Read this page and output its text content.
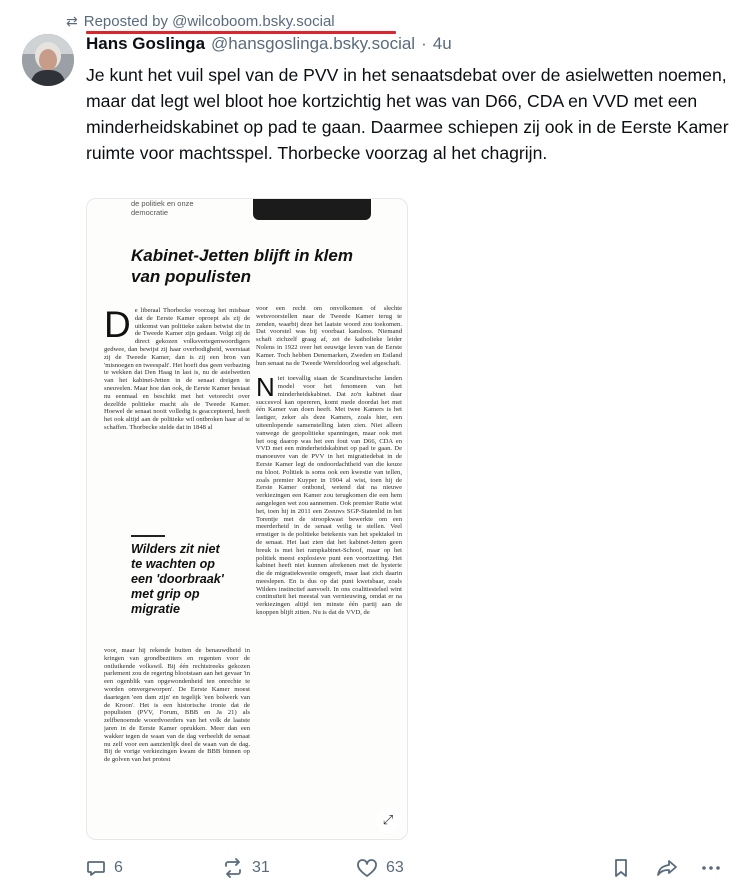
⇄ Reposted by @wilcoboom.bsky.social
Hans Goslinga @hansgoslinga.bsky.social · 4u
Je kunt het vuil spel van de PVV in het senaatsdebat over de asielwetten noemen, maar dat legt wel bloot hoe kortzichtig het was van D66, CDA en VVD met een minderheidskabinet op pad te gaan. Daarmee schiepen zij ook in de Eerste Kamer ruimte voor machtsspel. Thorbecke voorzag al het chagrijn.
de politiek en onze democratie
Kabinet-Jetten blijft in klem van populisten
De liberaal Thorbecke voorzag het misbaar dat de Eerste Kamer oproept als zij de uitkomst van politieke zaken betwist die in de Tweede Kamer zijn gedaan. Volgt zij de direct gekozen volksvertegenwoordigers gedwee, dan bewijst zij haar overbodigheid, weerstaat zij de Tweede Kamer, dan is zij een bron van 'misnoegen en tweespalt'. Het hoeft dus geen verbazing te wekken dat Den Haag in last is, nu de asielwetten van het kabinet-Jetten in de senaat dreigen te sneuvelen. Maar hoe dan ook, de Eerste Kamer bestaat nu eenmaal en beschikt met het vetorecht over dezelfde politieke macht als de Tweede Kamer. Hoewel de senaat nooit volledig is geaccepteerd, heeft het ook altijd aan de politieke wil ontbroken haar af te schaffen. Thorbecke stelde dat in 1848 al
Wilders zit niet te wachten op een 'doorbraak' met grip op migratie
voor, maar hij rekende buiten de benauwdheid in kringen van grondbezitters en regenten voor de ontluikende volkswil. Bij één rechtstreeks gekozen parlement zou de regering blootstaan aan het gevaar 'in een ogenblik van opgewondenheid ten onrechte te worden omvergeworpen'. De Eerste Kamer moest daartegen 'een dam zijn' en tegelijk 'een bolwerk van de Kroon'. Het is een historische ironie dat de populisten (PVV, Forum, BBB en Ja 21) als zelfbenoemde woordvoerders van het volk de laatste jaren in de Eerste Kamer oprukken. Meer dan een wakker tegen de waan van de dag verbeeldt de senaat nu zelf voor een aanzienlijk deel de waan van de dag. Bij de vorige verkiezingen kwam de BBB binnen op de golven van het protest
voor een recht om onvolkomen of slechte wetsvoorstellen naar de Tweede Kamer terug te zenden, waarbij deze het laatste woord zou toekomen. Dat voorstel was bij voorbaat kansloos. Niemand schaft zichzelf graag af, zei de katholieke leider Nolens in 1922 over het eeuwige leven van de Eerste Kamer. Toch hebben Denemarken, Zweden en Estland hun senaat na de Tweede Wereldoorlog wel afgeschaft.

N iet toevallig staan de Scandinavische landen model voor het fenomeen van het minderheidskabinet. Dat zo'n kabinet daar succesvol kan opereren, komt mede doordat het met één Kamer van doen heeft. Met twee Kamers is het lastiger, zeker als deze Kamers, zoals hier, een uiteenlopende samenstelling laten zien. Niet alleen vanwege de geopolitieke spanningen, maar ook met het oog daarop was het een fout van D66, CDA en VVD met een minderheidskabinet op pad te gaan. De manoeuvre van de PVV in het migratiedebat in de Eerste Kamer legt de ondoordachtheid van die keuze nu bloot. Politiek is soms ook een kwestie van tellen, zoals premier Kuyper in 1904 al wist, toen hij de Eerste Kamer ontbond, wetend dat na nieuwe verkiezingen een Kamer zou terugkomen die een hem aangelegen wet zou aannemen. Ook premier Rutte wist het, toen hij in 2011 een Zeeuws SGP-Statenlid in het Torentje met de stroopkwast bewerkte om een meerderheid in de senaat veilig te stellen. Veel ernstiger is de politieke betekenis van het spektakel in de senaat. Het laat zien dat het kabinet-Jetten geen breuk is met het rampkabinet-Schoof, maar op het politiek meest explosieve punt een voortzetting. Het kabinet heeft niet kunnen afrekenen met de hysterie die de migratiekwestie omgeeft, maar laat zich daarin meeslepen. En is dus op dat punt kwetsbaar, zoals Wilders instinctief aanvoelt. In ons coalitiestelsel wint continuïteit het meestal van vernieuwing, omdat er na verkiezingen altijd ten minste één partij aan de knoppen blijft zitten. Nu is dat de VVD, de
⤢
6	31	63
